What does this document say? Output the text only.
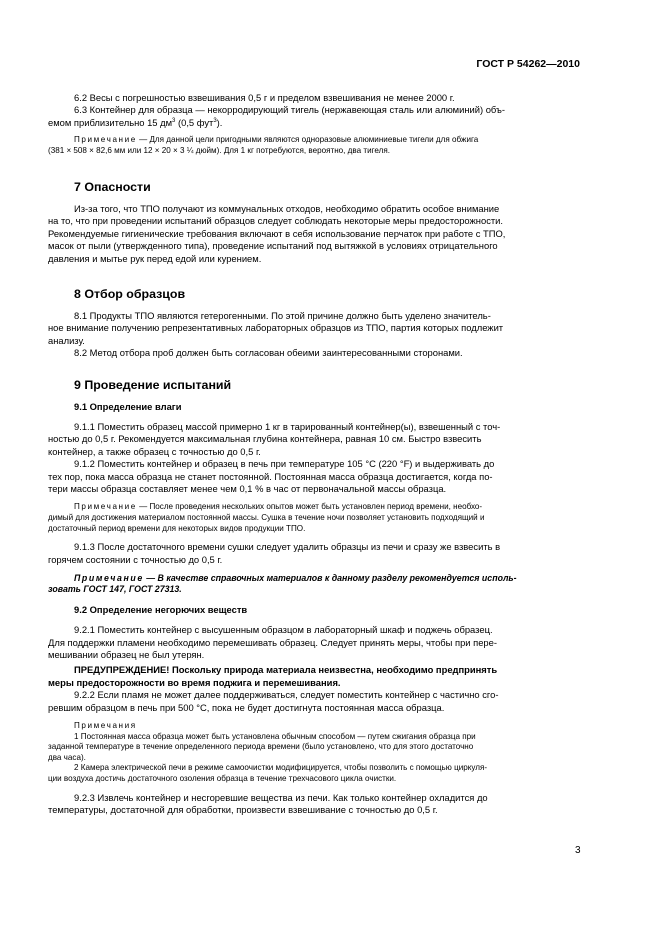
ГОСТ Р 54262—2010

6.2 Весы с погрешностью взвешивания 0,5 г и пределом взвешивания не менее 2000 г.

6.3 Контейнер для образца — некорродирующий тигель (нержавеющая сталь или алюминий) объ-

емом приблизительно 15 $дм^3$ (0,5 фут$^3$).

Примечание — Для данной цели пригодными являются одноразовые алюминиевые тигели для обжига

(381 × 508 × 82,6 мм или 12 × 20 × 3 ¼ дюйм). Для 1 кг потребуются, вероятно, два тигеля.

7 Опасности

Из-за того, что ТПО получают из коммунальных отходов, необходимо обратить особое внимание

на то, что при проведении испытаний образцов следует соблюдать некоторые меры предосторожности.

Рекомендуемые гигиенические требования включают в себя использование перчаток при работе с ТПО,

масок от пыли (утвержденного типа), проведение испытаний под вытяжкой в условиях отрицательного

давления и мытье рук перед едой или курением.

8 Отбор образцов

8.1 Продукты ТПО являются гетерогенными. По этой причине должно быть уделено значитель-

ное внимание получению репрезентативных лабораторных образцов из ТПО, партия которых подлежит

анализу.

8.2 Метод отбора проб должен быть согласован обеими заинтересованными сторонами.

9 Проведение испытаний
9.1 Определение влаги

9.1.1 Поместить образец массой примерно 1 кг в тарированный контейнер(ы), взвешенный с точ-

ностью до 0,5 г. Рекомендуется максимальная глубина контейнера, равная 10 см. Быстро взвесить

контейнер, а также образец с точностью до 0,5 г.

9.1.2 Поместить контейнер и образец в печь при температуре 105 °С (220 °F) и выдерживать до

тех пор, пока масса образца не станет постоянной. Постоянная масса образца достигается, когда по-

тери массы образца составляет менее чем 0,1 % в час от первоначальной массы образца.

Примечание — После проведения нескольких опытов может быть установлен период времени, необхо-

димый для достижения материалом постоянной массы. Сушка в течение ночи позволяет установить подходящий и

достаточный период времени для некоторых видов продукции ТПО.

9.1.3 После достаточного времени сушки следует удалить образцы из печи и сразу же взвесить в

горячем состоянии с точностью до 0,5 г.

Примечание — В качестве справочных материалов к данному разделу рекомендуется исполь-

зовать ГОСТ 147, ГОСТ 27313.

9.2 Определение негорючих веществ

9.2.1 Поместить контейнер с высушенным образцом в лабораторный шкаф и поджечь образец.

Для поддержки пламени необходимо перемешивать образец. Следует принять меры, чтобы при пере-

мешивании образец не был утерян.

ПРЕДУПРЕЖДЕНИЕ! Поскольку природа материала неизвестна, необходимо предпринять

меры предосторожности во время поджига и перемешивания.

9.2.2 Если пламя не может далее поддерживаться, следует поместить контейнер с частично сго-

ревшим образцом в печь при 500 °С, пока не будет достигнута постоянная масса образца.

Примечания

1 Постоянная масса образца может быть установлена обычным способом — путем сжигания образца при

заданной температуре в течение определенного периода времени (было установлено, что для этого достаточно

два часа).

2 Камера электрической печи в режиме самоочистки модифицируется, чтобы позволить с помощью циркуля-

ции воздуха достичь достаточного озоления образца в течение трехчасового цикла очистки.

9.2.3 Извлечь контейнер и несгоревшие вещества из печи. Как только контейнер охладится до

температуры, достаточной для обработки, произвести взвешивание с точностью до 0,5 г.

3
